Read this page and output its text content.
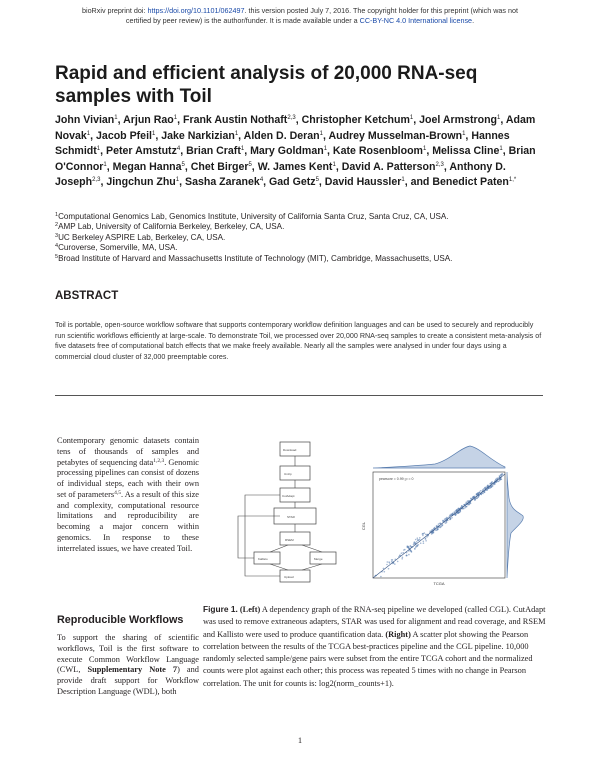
bioRxiv preprint doi: https://doi.org/10.1101/062497. this version posted July 7, 2016. The copyright holder for this preprint (which was not
certified by peer review) is the author/funder. It is made available under a CC-BY-NC 4.0 International license.
Rapid and efficient analysis of 20,000 RNA-seq samples with Toil
John Vivian$^1$, Arjun Rao$^1$, Frank Austin Nothaft$^{2,3}$, Christopher Ketchum$^1$, Joel Armstrong$^1$, Adam Novak$^1$, Jacob Pfeil$^1$, Jake Narkizian$^1$, Alden D. Deran$^1$, Audrey Musselman-Brown$^1$, Hannes Schmidt$^1$, Peter Amstutz$^4$, Brian Craft$^1$, Mary Goldman$^1$, Kate Rosenbloom$^1$, Melissa Cline$^1$, Brian O'Connor$^1$, Megan Hanna$^5$, Chet Birger$^5$, W. James Kent$^1$, David A. Patterson$^{2,3}$, Anthony D. Joseph$^{2,3}$, Jingchun Zhu$^1$, Sasha Zaranek$^4$, Gad Getz$^5$, David Haussler$^1$, and Benedict Paten$^{1,*}$
$^1$Computational Genomics Lab, Genomics Institute, University of California Santa Cruz, Santa Cruz, CA, USA.
$^2$AMP Lab, University of California Berkeley, Berkeley, CA, USA.
$^3$UC Berkeley ASPIRE Lab, Berkeley, CA, USA.
$^4$Curoverse, Somerville, MA, USA.
$^5$Broad Institute of Harvard and Massachusetts Institute of Technology (MIT), Cambridge, Massachusetts, USA.
ABSTRACT
Toil is portable, open-source workflow software that supports contemporary workflow definition languages and can be used to securely and reproducibly run scientific workflows efficiently at large-scale. To demonstrate Toil, we processed over 20,000 RNA-seq samples to create a consistent meta-analysis of five datasets free of computational batch effects that we make freely available. Nearly all the samples were analysed in under four days using a commercial cloud cluster of 32,000 preemptable cores.
Contemporary genomic datasets contain tens of thousands of samples and petabytes of sequencing data$^{1,2,3}$. Genomic processing pipelines can consist of dozens of individual steps, each with their own set of parameters$^{4,5}$. As a result of this size and complexity, computational resource limitations and reproducibility are becoming a major concern within genomics. In response to these interrelated issues, we have created Toil.
Reproducible Workflows
To support the sharing of scientific workflows, Toil is the first software to execute Common Workflow Language (CWL, Supplementary Note 7) and provide draft support for Workflow Description Language (WDL), both
Download
Unzip
CutAdapt
STAR
RSEM
Kallisto	Merge
Upload
pearsonr = 0.99; p = 0
TCGA
CGL
Figure 1. (Left) A dependency graph of the RNA-seq pipeline we developed (called CGL). CutAdapt was used to remove extraneous adapters, STAR was used for alignment and read coverage, and RSEM and Kallisto were used to produce quantification data. (Right) A scatter plot showing the Pearson correlation between the results of the TCGA best-practices pipeline and the CGL pipeline. 10,000 randomly selected sample/gene pairs were subset from the entire TCGA cohort and the normalized counts were plot against each other; this process was repeated 5 times with no change in Pearson correlation. The unit for counts is: log2(norm_counts+1).
1
